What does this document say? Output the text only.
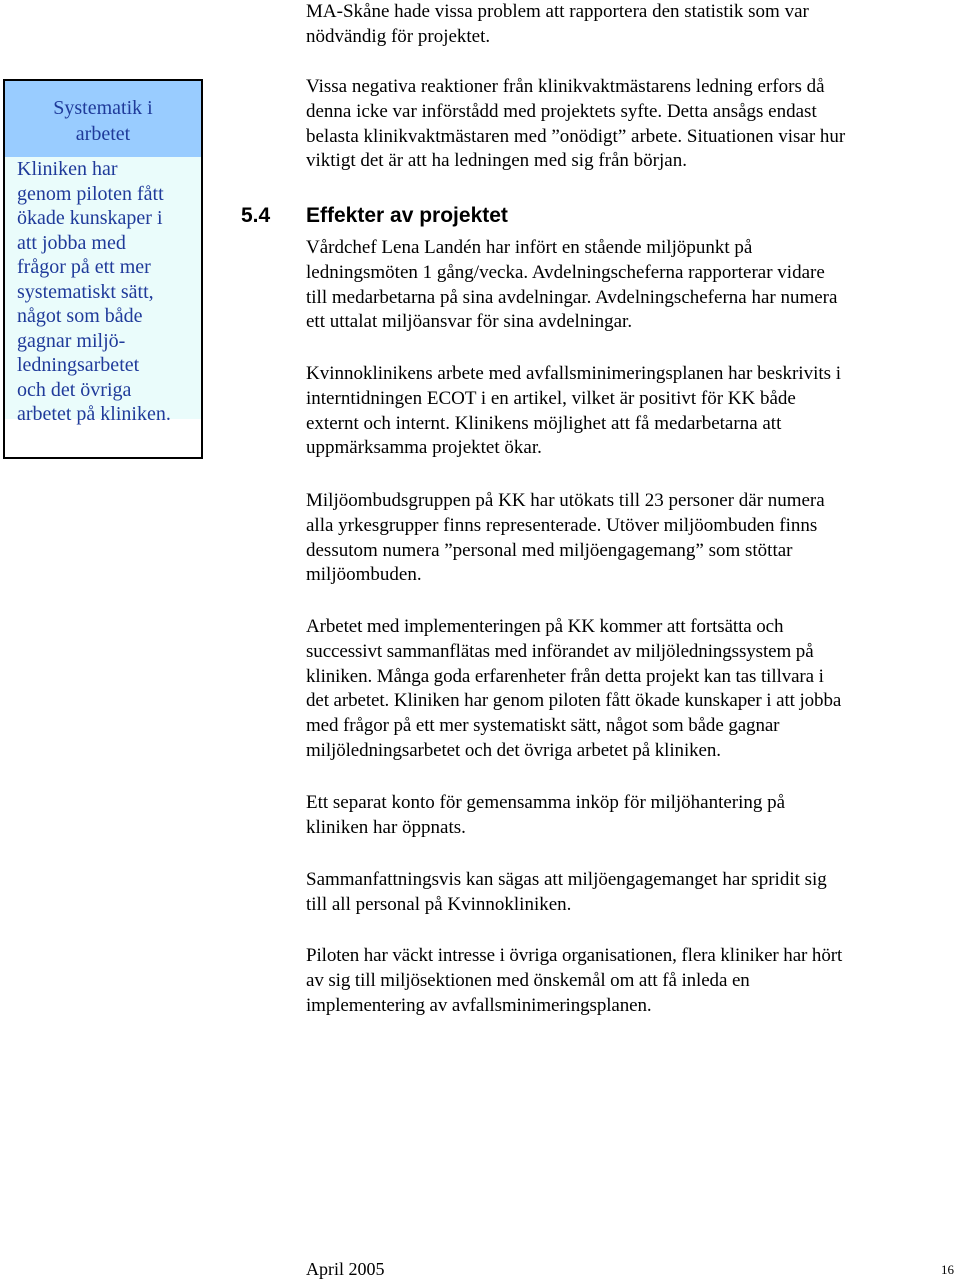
MA-Skåne hade vissa problem att rapportera den statistik som var
nödvändig för projektet.

Systematik i
arbetet
Kliniken har
genom piloten fått
ökade kunskaper i
att jobba med
frågor på ett mer
systematiskt sätt,
något som både
gagnar miljö-
ledningsarbetet
och det övriga
arbetet på kliniken.

Vissa negativa reaktioner från klinikvaktmästarens ledning erfors då
denna icke var införstådd med projektets syfte. Detta ansågs endast
belasta klinikvaktmästaren med ”onödigt” arbete. Situationen visar hur
viktigt det är att ha ledningen med sig från början.

5.4 Effekter av projektet

Vårdchef Lena Landén har infört en stående miljöpunkt på
ledningsmöten 1 gång/vecka. Avdelningscheferna rapporterar vidare
till medarbetarna på sina avdelningar. Avdelningscheferna har numera
ett uttalat miljöansvar för sina avdelningar.

Kvinnoklinikens arbete med avfallsminimeringsplanen har beskrivits i
interntidningen ECOT i en artikel, vilket är positivt för KK både
externt och internt. Klinikens möjlighet att få medarbetarna att
uppmärksamma projektet ökar.

Miljöombudsgruppen på KK har utökats till 23 personer där numera
alla yrkesgrupper finns representerade. Utöver miljöombuden finns
dessutom numera ”personal med miljöengagemang” som stöttar
miljöombuden.

Arbetet med implementeringen på KK kommer att fortsätta och
successivt sammanflätas med införandet av miljöledningssystem på
kliniken. Många goda erfarenheter från detta projekt kan tas tillvara i
det arbetet. Kliniken har genom piloten fått ökade kunskaper i att jobba
med frågor på ett mer systematiskt sätt, något som både gagnar
miljöledningsarbetet och det övriga arbetet på kliniken.

Ett separat konto för gemensamma inköp för miljöhantering på
kliniken har öppnats.

Sammanfattningsvis kan sägas att miljöengagemanget har spridit sig
till all personal på Kvinnokliniken.

Piloten har väckt intresse i övriga organisationen, flera kliniker har hört
av sig till miljösektionen med önskemål om att få inleda en
implementering av avfallsminimeringsplanen.

April 2005	16
